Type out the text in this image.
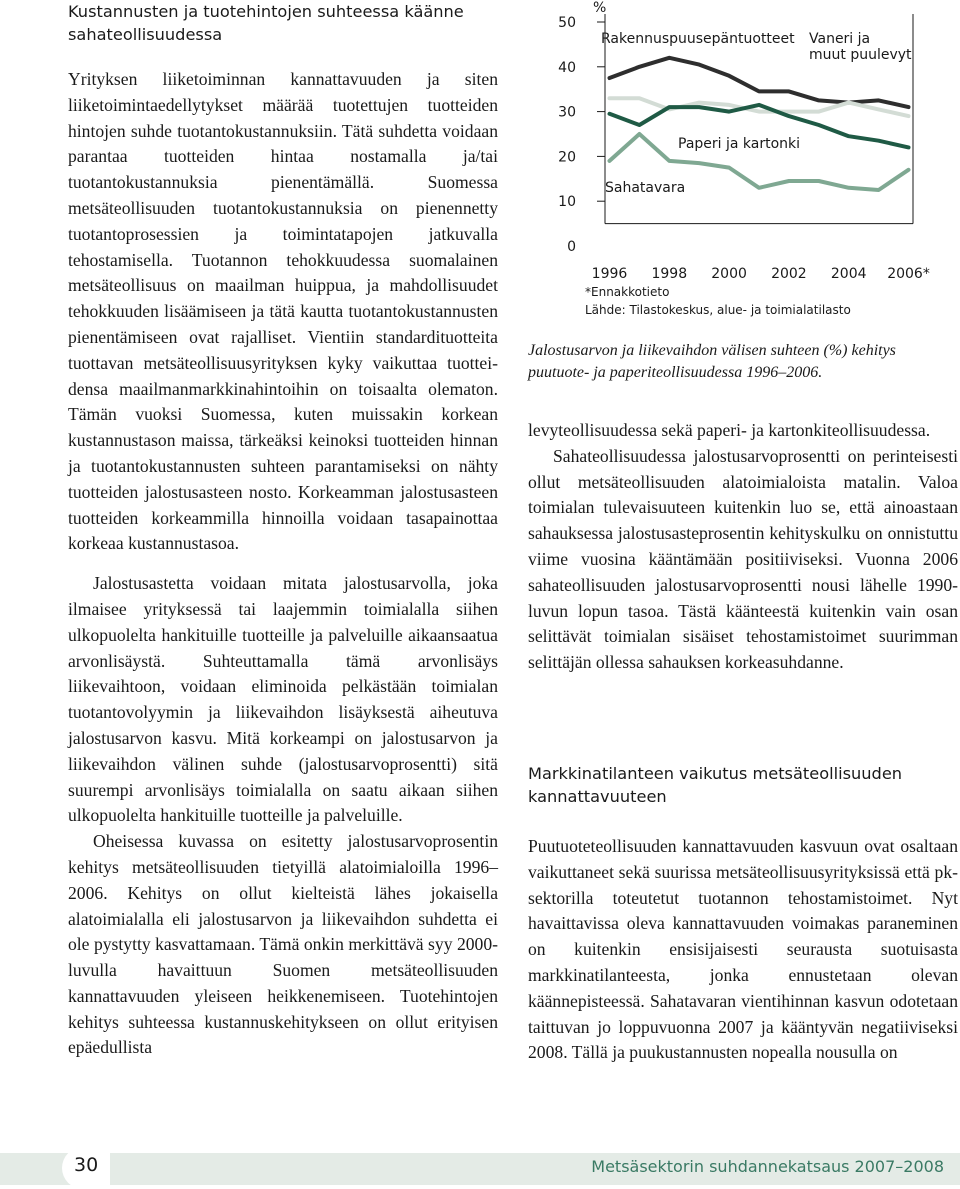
Kustannusten ja tuotehintojen suhteessa käänne
sahateollisuudessa

Yrityksen liiketoiminnan kannattavuuden ja siten liiketoimintaedellytykset määrää tuotettujen tuotteiden hintojen suhde tuotantokustannuksiin. Tätä suhdetta voidaan parantaa tuotteiden hintaa nostamalla ja/tai tuotantokustannuksia pienentämällä. Suomessa metsäteollisuuden tuotantokustannuksia on pienennetty tuotantoprosessien ja toimintatapojen jatkuvalla tehostamisella. Tuotannon tehokkuudessa suomalainen metsäteollisuus on maailman huippua, ja mahdollisuudet tehokkuuden lisäämiseen ja tätä kautta tuotantokustannusten pienentämiseen ovat rajalliset. Vientiin standardituotteita tuottavan metsäteollisuusyrityksen kyky vaikuttaa tuotteidensa maailmanmarkkinahintoihin on toisaalta olematon. Tämän vuoksi Suomessa, kuten muissakin korkean kustannustason maissa, tärkeäksi keinoksi tuotteiden hinnan ja tuotantokustannusten suhteen parantamiseksi on nähty tuotteiden jalostusasteen nosto. Korkeamman jalostusasteen tuotteiden korkeammilla hinnoilla voidaan tasapainottaa korkeaa kustannustasoa.

Jalostusastetta voidaan mitata jalostusarvolla, joka ilmaisee yrityksessä tai laajemmin toimialalla siihen ulkopuolelta hankituille tuotteille ja palveluille aikaansaatua arvonlisäystä. Suhteuttamalla tämä arvonlisäys liikevaihtoon, voidaan eliminoida pelkästään toimialan tuotantovolyymin ja liikevaihdon lisäyksestä aiheutuva jalostusarvon kasvu. Mitä korkeampi on jalostusarvon ja liikevaihdon välinen suhde (jalostusarvoprosentti) sitä suurempi arvonlisäys toimialalla on saatu aikaan siihen ulkopuolelta hankituille tuotteille ja palveluille.

Oheisessa kuvassa on esitetty jalostusarvoprosentin kehitys metsäteollisuuden tietyillä alatoimialoilla 1996–2006. Kehitys on ollut kielteistä lähes jokaisella alatoimialalla eli jalostusarvon ja liikevaihdon suhdetta ei ole pystytty kasvattamaan. Tämä onkin merkittävä syy 2000-luvulla havaittuun Suomen metsäteollisuuden kannattavuuden yleiseen heikkenemiseen. Tuotehintojen kehitys suhteessa kustannuskehitykseen on ollut erityisen epäedullista

50
40
30
20
10
0
1996 1998 2000 2002 2004 2006*
%
Rakennuspuusepäntuotteet Vaneri ja
muut puulevyt
Paperi ja kartonki
Sahatavara
*Ennakkotieto
Lähde: Tilastokeskus, alue- ja toimialatilasto
Jalostusarvon ja liikevaihdon välisen suhteen (%) kehitys
puutuote- ja paperiteollisuudessa 1996–2006.

levyteollisuudessa sekä paperi- ja kartonkiteollisuudessa.

Sahateollisuudessa jalostusarvoprosentti on perinteisesti ollut metsäteollisuuden alatoimialoista matalin. Valoa toimialan tulevaisuuteen kuitenkin luo se, että ainoastaan sahauksessa jalostusasteprosentin kehityskulku on onnistuttu viime vuosina kääntämään positiiviseksi. Vuonna 2006 sahateollisuuden jalostusarvoprosentti nousi lähelle 1990-luvun lopun tasoa. Tästä käänteestä kuitenkin vain osan selittävät toimialan sisäiset tehostamistoimet suurimman selittäjän ollessa sahauksen korkeasuhdanne.

Markkinatilanteen vaikutus metsäteollisuuden
kannattavuuteen

Puutuoteteollisuuden kannattavuuden kasvuun ovat osaltaan vaikuttaneet sekä suurissa metsäteollisuusyrityksissä että pk-sektorilla toteutetut tuotannon tehostamistoimet. Nyt havaittavissa oleva kannattavuuden voimakas paraneminen on kuitenkin ensisijaisesti seurausta suotuisasta markkinatilanteesta, jonka ennustetaan olevan käännepisteessä. Sahatavaran vientihinnan kasvun odotetaan taittuvan jo loppuvuonna 2007 ja kääntyvän negatiiviseksi 2008. Tällä ja puukustannusten nopealla nousulla on

30	Metsäsektorin suhdannekatsaus 2007–2008
